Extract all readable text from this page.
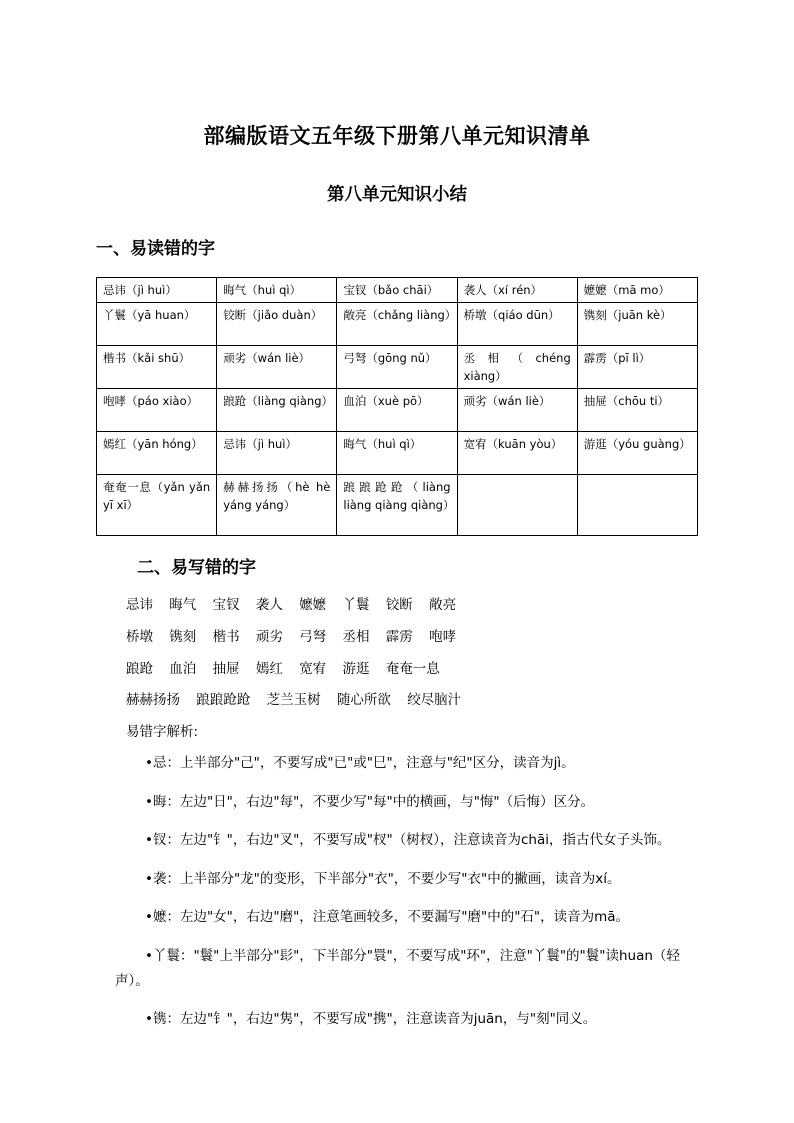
部编版语文五年级下册第八单元知识清单
第八单元知识小结
一、易读错的字
忌讳（jì huì）	晦气（huì qì）	宝钗（bǎo chāi）	袭人（xí rén）	嬷嬷（mā mo）
丫鬟（yā huan）	铰断（jiǎo duàn）	敞亮（chǎng liàng）	桥墩（qiáo dūn）	镌刻（juān kè）
楷书（kǎi shū）	顽劣（wán liè）	弓弩（gōng nǔ）	丞相（chéng xiàng）	霹雳（pī lì）
咆哮（páo xiào）	踉跄（liàng qiàng）	血泊（xuè pō）	顽劣（wán liè）	抽屉（chōu ti）
嫣红（yān hóng）	忌讳（jì huì）	晦气（huì qì）	宽宥（kuān yòu）	游逛（yóu guàng）
奄奄一息（yǎn yǎn yī xī）	赫赫扬扬（hè hè yáng yáng）	踉踉跄跄（liàng liàng qiàng qiàng）		
二、易写错的字
忌讳 晦气 宝钗 袭人 嬷嬷 丫鬟 铰断 敞亮
桥墩 镌刻 楷书 顽劣 弓弩 丞相 霹雳 咆哮
踉跄 血泊 抽屉 嫣红 宽宥 游逛 奄奄一息
赫赫扬扬 踉踉跄跄 芝兰玉树 随心所欲 绞尽脑汁
易错字解析:

•忌：上半部分"己"，不要写成"已"或"巳"，注意与"纪"区分，读音为jì。

•晦：左边"日"，右边"每"，不要少写"每"中的横画，与"悔"（后悔）区分。

•钗：左边"钅"，右边"叉"，不要写成"杈"（树杈），注意读音为chāi，指古代女子头饰。

•袭：上半部分"龙"的变形，下半部分"衣"，不要少写"衣"中的撇画，读音为xí。

•嬷：左边"女"，右边"磨"，注意笔画较多，不要漏写"磨"中的"石"，读音为mā。

•丫鬟："鬟"上半部分"髟"，下半部分"睘"，不要写成"环"，注意"丫鬟"的"鬟"读huan（轻声）。

•镌：左边"钅"，右边"隽"，不要写成"携"，注意读音为juān，与"刻"同义。
